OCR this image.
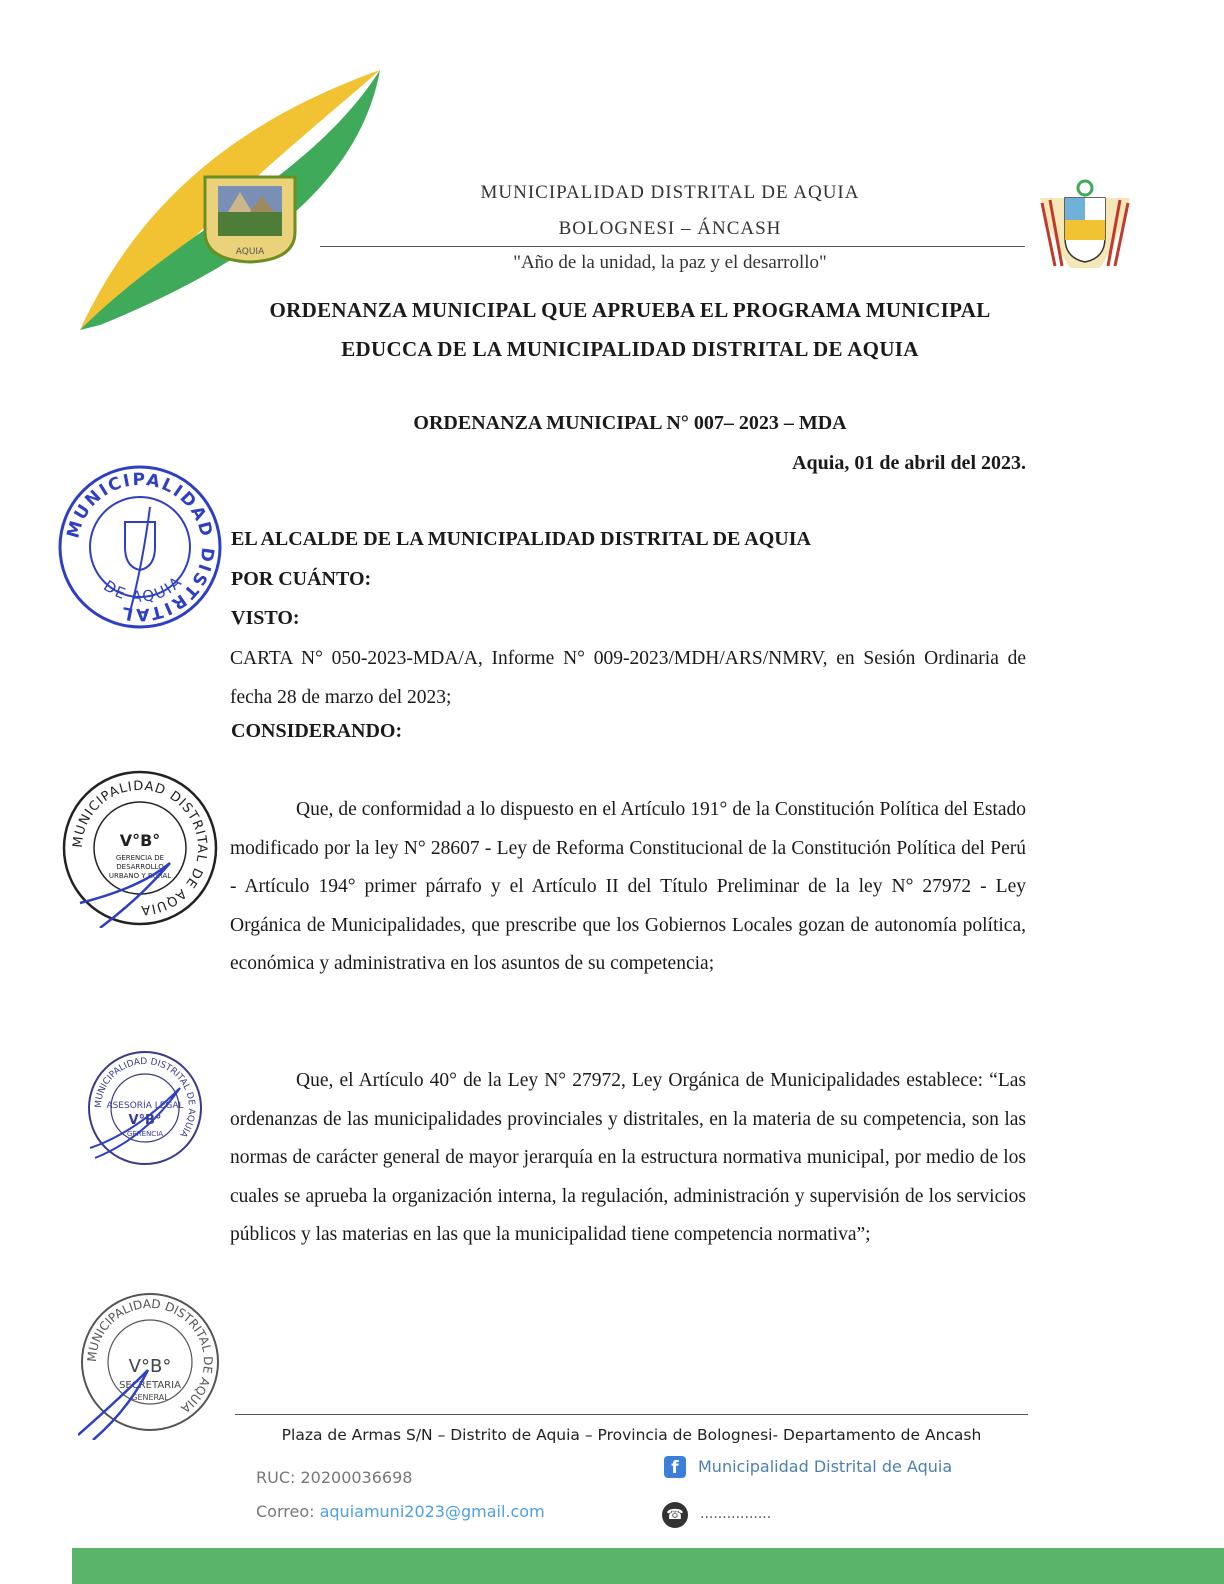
AQUIA
MUNICIPALIDAD DISTRITAL DE AQUIA
BOLOGNESI – ÁNCASH
"Año de la unidad, la paz y el desarrollo"
ORDENANZA MUNICIPAL QUE APRUEBA EL PROGRAMA MUNICIPAL
EDUCCA DE LA MUNICIPALIDAD DISTRITAL DE AQUIA
ORDENANZA MUNICIPAL N° 007– 2023 – MDA
Aquia, 01 de abril del 2023.
EL ALCALDE DE LA MUNICIPALIDAD DISTRITAL DE AQUIA
POR CUÁNTO:
VISTO:
CARTA N° 050-2023-MDA/A, Informe N° 009-2023/MDH/ARS/NMRV, en Sesión Ordinaria de fecha 28 de marzo del 2023;
CONSIDERANDO:
Que, de conformidad a lo dispuesto en el Artículo 191° de la Constitución Política del Estado modificado por la ley N° 28607 - Ley de Reforma Constitucional de la Constitución Política del Perú - Artículo 194° primer párrafo y el Artículo II del Título Preliminar de la ley N° 27972 - Ley Orgánica de Municipalidades, que prescribe que los Gobiernos Locales gozan de autonomía política, económica y administrativa en los asuntos de su competencia;
Que, el Artículo 40° de la Ley N° 27972, Ley Orgánica de Municipalidades establece: “Las ordenanzas de las municipalidades provinciales y distritales, en la materia de su competencia, son las normas de carácter general de mayor jerarquía en la estructura normativa municipal, por medio de los cuales se aprueba la organización interna, la regulación, administración y supervisión de los servicios públicos y las materias en las que la municipalidad tiene competencia normativa”;
MUNICIPALIDAD DISTRITAL
DE AQUIA
MUNICIPALIDAD DISTRITAL DE AQUIA
V°B°
GERENCIA DE
DESARROLLO
URBANO Y RURAL
MUNICIPALIDAD DISTRITAL DE AQUIA
ASESORÍA LEGAL
V°B°
GERENCIA
MUNICIPALIDAD DISTRITAL DE AQUIA
V°B°
SECRETARIA
GENERAL
Plaza de Armas S/N – Distrito de Aquia – Provincia de Bolognesi- Departamento de Ancash
RUC: 20200036698
Correo: aquiamuni2023@gmail.com
f	Municipalidad Distrital de Aquia
☎	................
